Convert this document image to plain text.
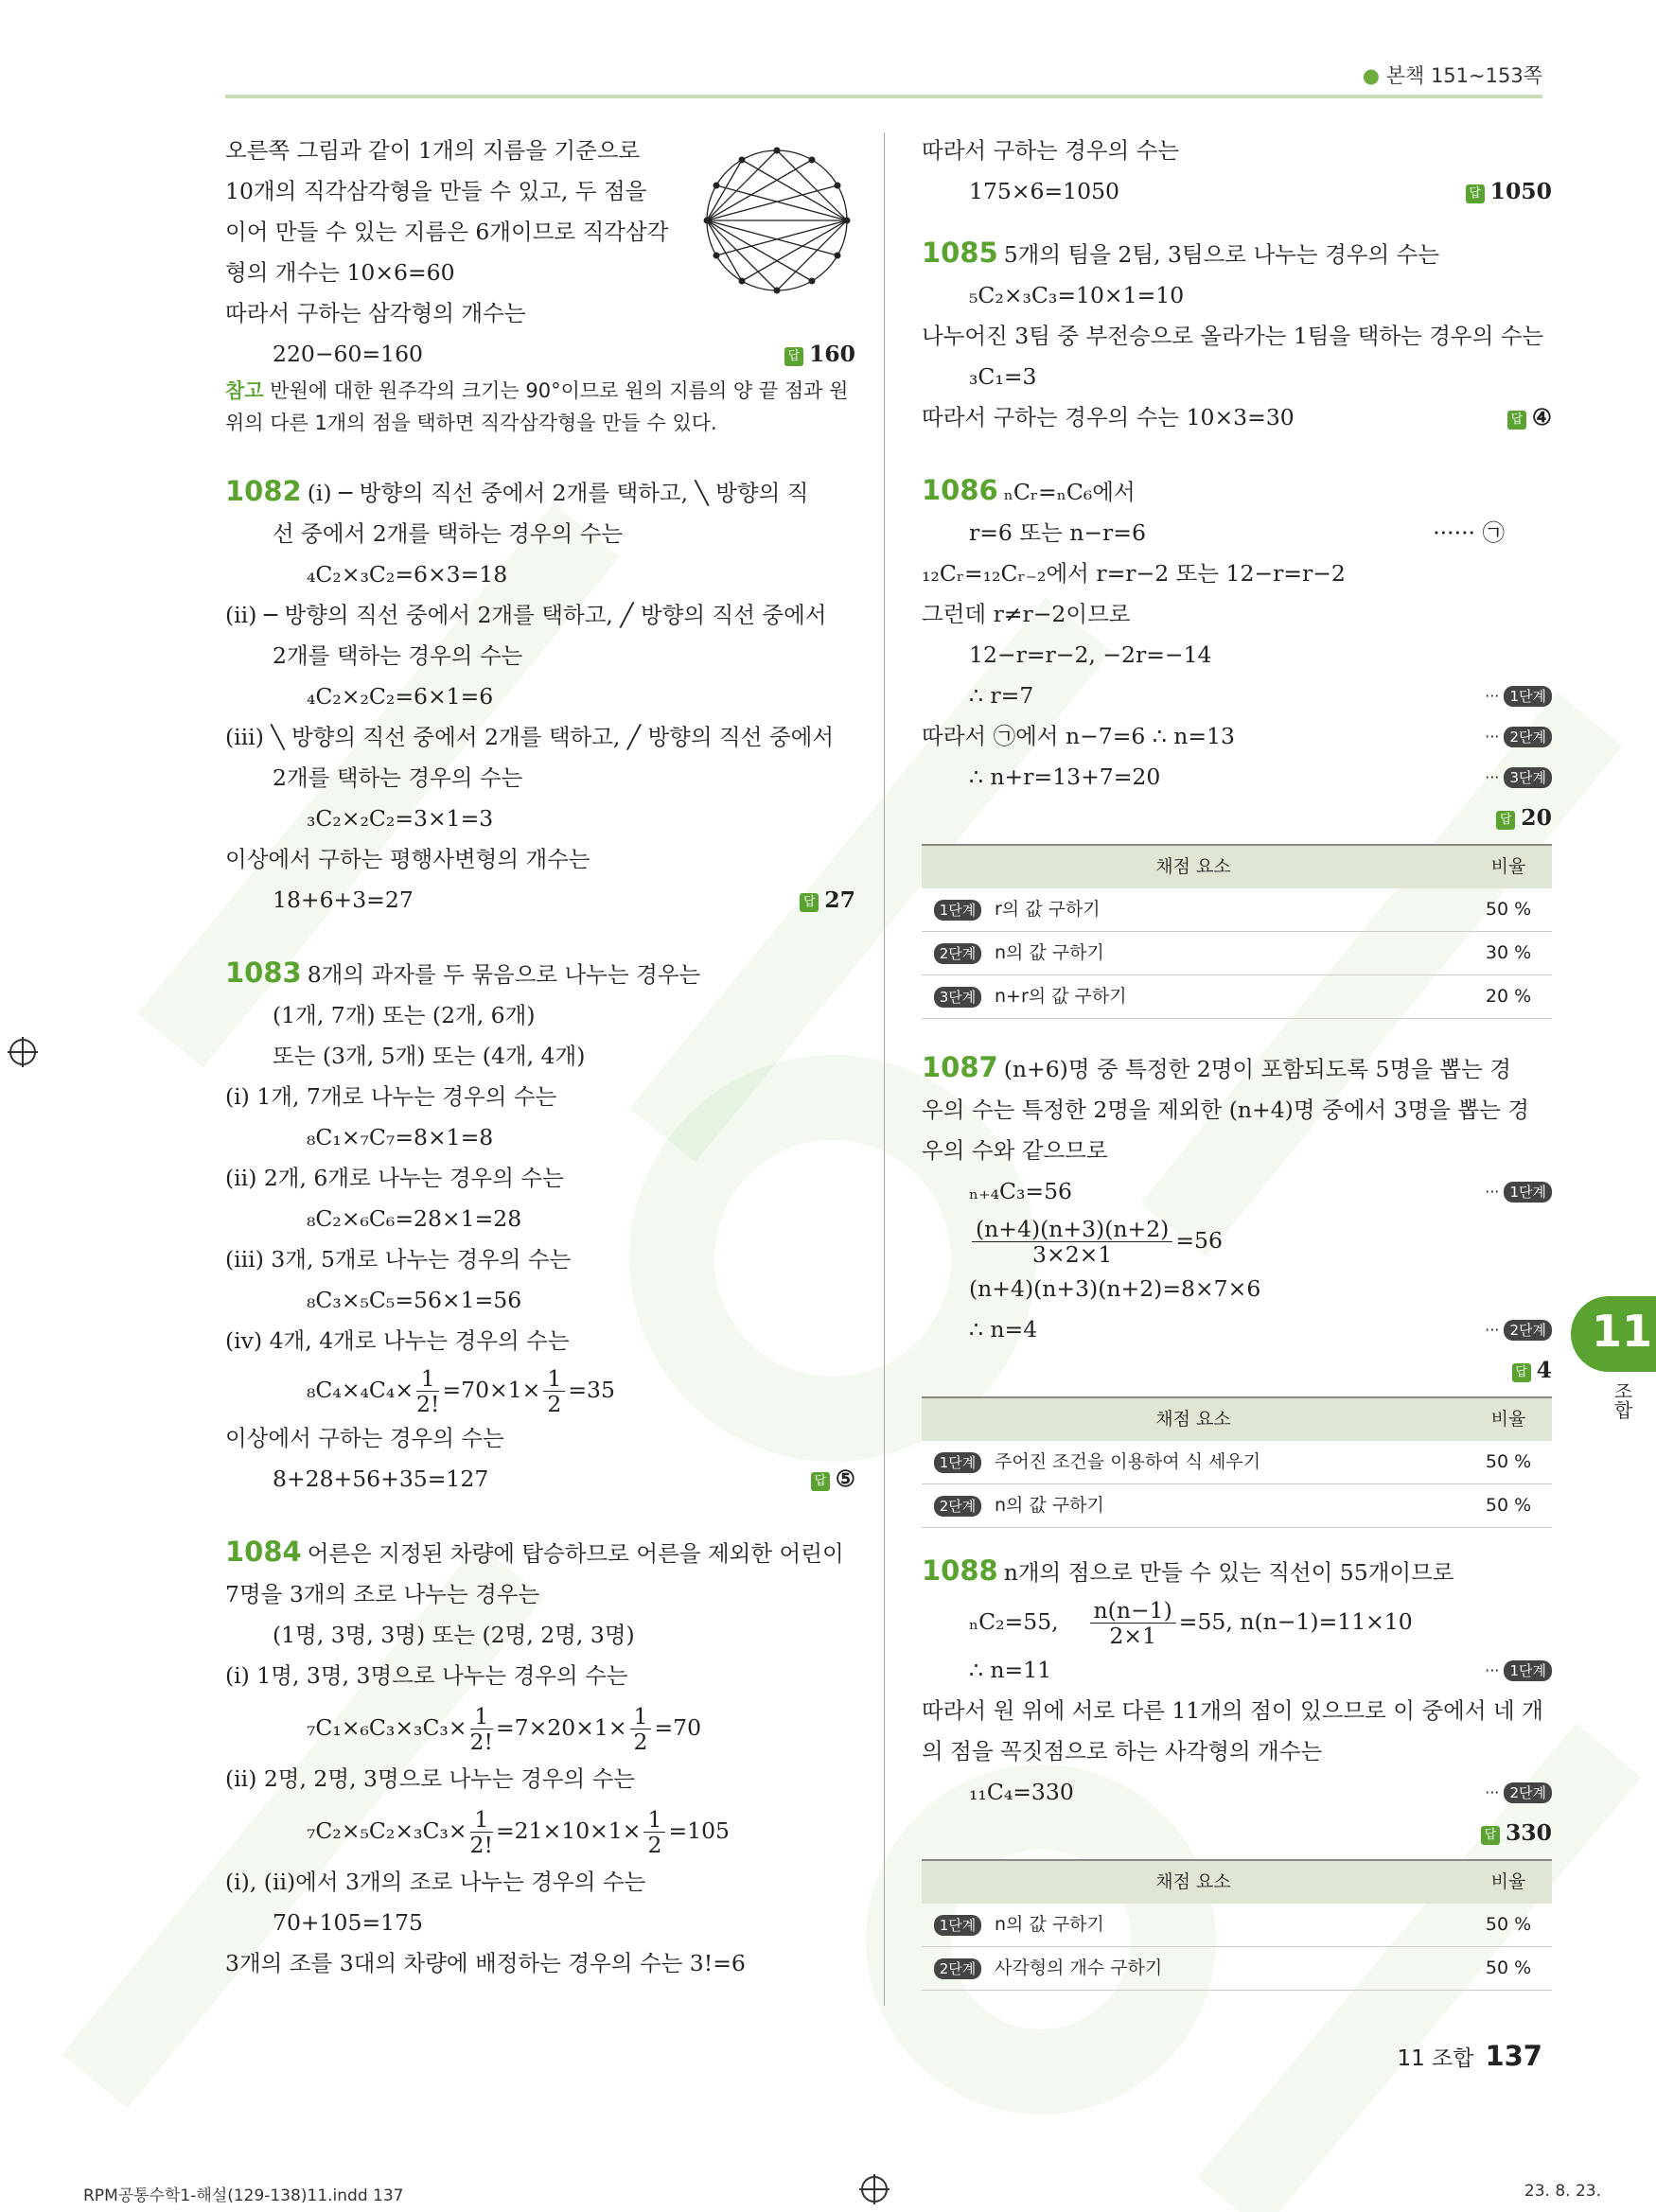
● 본책 151~153쪽
오른쪽 그림과 같이 1개의 지름을 기준으로
10개의 직각삼각형을 만들 수 있고, 두 점을
이어 만들 수 있는 지름은 6개이므로 직각삼각
형의 개수는 10×6=60
따라서 구하는 삼각형의 개수는
220−60=160	답 160
참고 반원에 대한 원주각의 크기는 90°이므로 원의 지름의 양 끝 점과 원
위의 다른 1개의 점을 택하면 직각삼각형을 만들 수 있다.
1082 (ⅰ) ─ 방향의 직선 중에서 2개를 택하고, ╲ 방향의 직
선 중에서 2개를 택하는 경우의 수는
₄C₂×₃C₂=6×3=18
(ⅱ) ─ 방향의 직선 중에서 2개를 택하고, ╱ 방향의 직선 중에서
2개를 택하는 경우의 수는
₄C₂×₂C₂=6×1=6
(ⅲ) ╲ 방향의 직선 중에서 2개를 택하고, ╱ 방향의 직선 중에서
2개를 택하는 경우의 수는
₃C₂×₂C₂=3×1=3
이상에서 구하는 평행사변형의 개수는
18+6+3=27	답 27
1083 8개의 과자를 두 묶음으로 나누는 경우는
(1개, 7개) 또는 (2개, 6개)
또는 (3개, 5개) 또는 (4개, 4개)
(ⅰ) 1개, 7개로 나누는 경우의 수는
₈C₁×₇C₇=8×1=8
(ⅱ) 2개, 6개로 나누는 경우의 수는
₈C₂×₆C₆=28×1=28
(ⅲ) 3개, 5개로 나누는 경우의 수는
₈C₃×₅C₅=56×1=56
(ⅳ) 4개, 4개로 나누는 경우의 수는
$_8C_4\times_4C_4\times \frac{1}{2!} =70\times 1\times \frac{1}{2} =35$
이상에서 구하는 경우의 수는
8+28+56+35=127	답 ⑤
1084 어른은 지정된 차량에 탑승하므로 어른을 제외한 어린이
7명을 3개의 조로 나누는 경우는
(1명, 3명, 3명) 또는 (2명, 2명, 3명)
(ⅰ) 1명, 3명, 3명으로 나누는 경우의 수는
$_7C_1\times_6C_3\times_3C_3\times \frac{1}{2!} =7\times 20\times 1\times \frac{1}{2} =70$
(ⅱ) 2명, 2명, 3명으로 나누는 경우의 수는
$_7C_2\times_5C_2\times_3C_3\times \frac{1}{2!} =21\times 10\times 1\times \frac{1}{2} =105$
(ⅰ), (ⅱ)에서 3개의 조로 나누는 경우의 수는
70+105=175
3개의 조를 3대의 차량에 배정하는 경우의 수는 3!=6
따라서 구하는 경우의 수는
175×6=1050	답 1050
1085 5개의 팀을 2팀, 3팀으로 나누는 경우의 수는
₅C₂×₃C₃=10×1=10
나누어진 3팀 중 부전승으로 올라가는 1팀을 택하는 경우의 수는
₃C₁=3
따라서 구하는 경우의 수는 10×3=30	답 ④
1086 ₙCᵣ=ₙC₆에서
r=6 또는 n−r=6	······ ㉠
₁₂Cᵣ=₁₂Cᵣ₋₂에서 r=r−2 또는 12−r=r−2
그런데 r≠r−2이므로
12−r=r−2, −2r=−14
∴ r=7	··· 1단계
따라서 ㉠에서 n−7=6 ∴ n=13	··· 2단계
∴ n+r=13+7=20	··· 3단계
답 20

채점 요소		비율
1단계	r의 값 구하기	50 %
2단계	n의 값 구하기	30 %
3단계	n+r의 값 구하기	20 %
1087 (n+6)명 중 특정한 2명이 포함되도록 5명을 뽑는 경
우의 수는 특정한 2명을 제외한 (n+4)명 중에서 3명을 뽑는 경
우의 수와 같으므로
ₙ₊₄C₃=56	··· 1단계
$\frac{(n+4)(n+3)(n+2)}{3\times 2\times 1} =56$
(n+4)(n+3)(n+2)=8×7×6
∴ n=4	··· 2단계
답 4

채점 요소		비율
1단계	주어진 조건을 이용하여 식 세우기	50 %
2단계	n의 값 구하기	50 %
1088 n개의 점으로 만들 수 있는 직선이 55개이므로
ₙC₂=55, $\frac{n(n-1)}{2\times 1} =55$, n(n−1)=11×10
∴ n=11	··· 1단계
따라서 원 위에 서로 다른 11개의 점이 있으므로 이 중에서 네 개
의 점을 꼭짓점으로 하는 사각형의 개수는
₁₁C₄=330	··· 2단계
답 330

채점 요소		비율
1단계	n의 값 구하기	50 %
2단계	사각형의 개수 구하기	50 %
11
조합
11 조합 137
RPM공통수학1-해설(129-138)11.indd 137	23. 8. 23.
